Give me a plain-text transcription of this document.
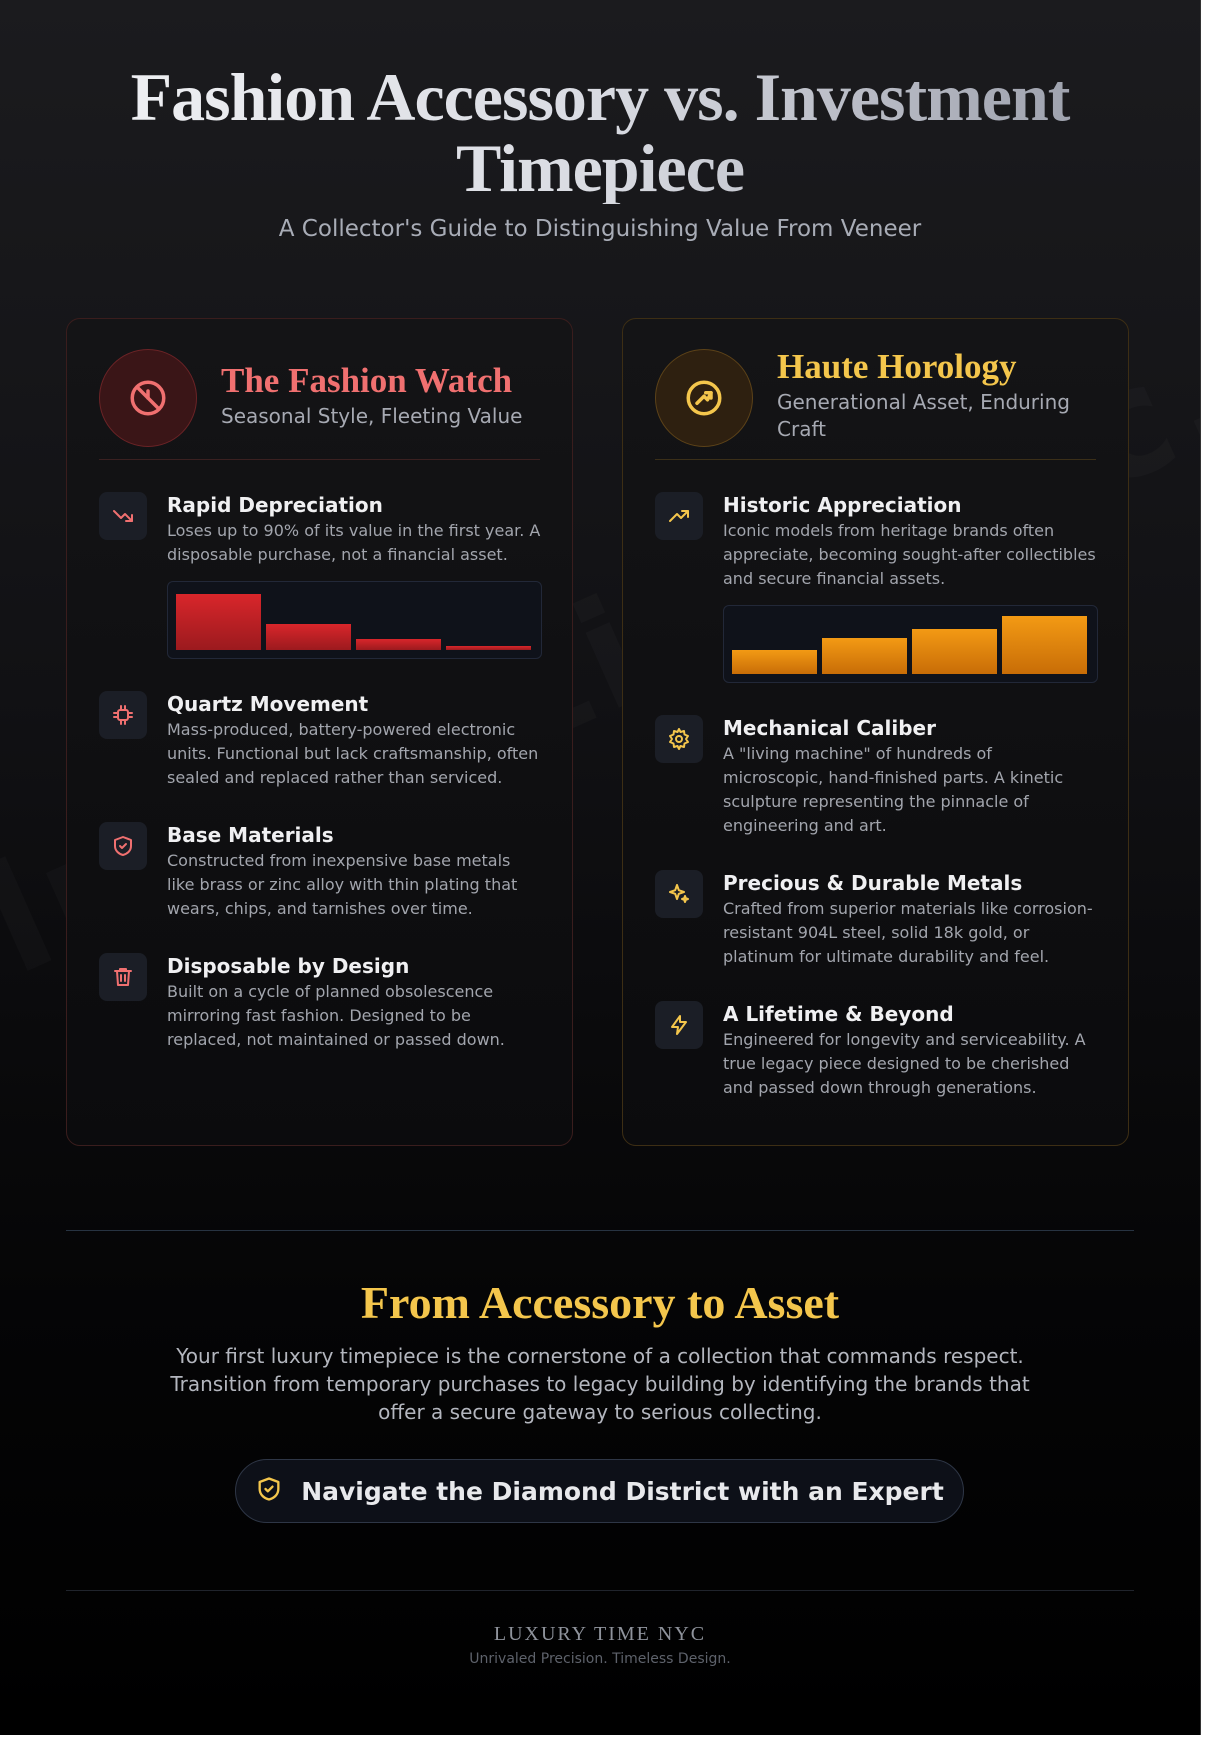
Fashion Accessory vs. Investment Timepiece
A Collector's Guide to Distinguishing Value From Veneer
The Fashion Watch
Seasonal Style, Fleeting Value
Rapid Depreciation
Loses up to 90% of its value in the first year. A disposable purchase, not a financial asset.
Quartz Movement
Mass-produced, battery-powered electronic units. Functional but lack craftsmanship, often sealed and replaced rather than serviced.
Base Materials
Constructed from inexpensive base metals like brass or zinc alloy with thin plating that wears, chips, and tarnishes over time.
Disposable by Design
Built on a cycle of planned obsolescence mirroring fast fashion. Designed to be replaced, not maintained or passed down.
Haute Horology
Generational Asset, Enduring Craft
Historic Appreciation
Iconic models from heritage brands often appreciate, becoming sought-after collectibles and secure financial assets.
Mechanical Caliber
A "living machine" of hundreds of microscopic, hand-finished parts. A kinetic sculpture representing the pinnacle of engineering and art.
Precious & Durable Metals
Crafted from superior materials like corrosion-resistant 904L steel, solid 18k gold, or platinum for ultimate durability and feel.
A Lifetime & Beyond
Engineered for longevity and serviceability. A true legacy piece designed to be cherished and passed down through generations.
From Accessory to Asset
Your first luxury timepiece is the cornerstone of a collection that commands respect. Transition from temporary purchases to legacy building by identifying the brands that offer a secure gateway to serious collecting.
Navigate the Diamond District with an Expert
LUXURY TIME NYC
Unrivaled Precision. Timeless Design.
